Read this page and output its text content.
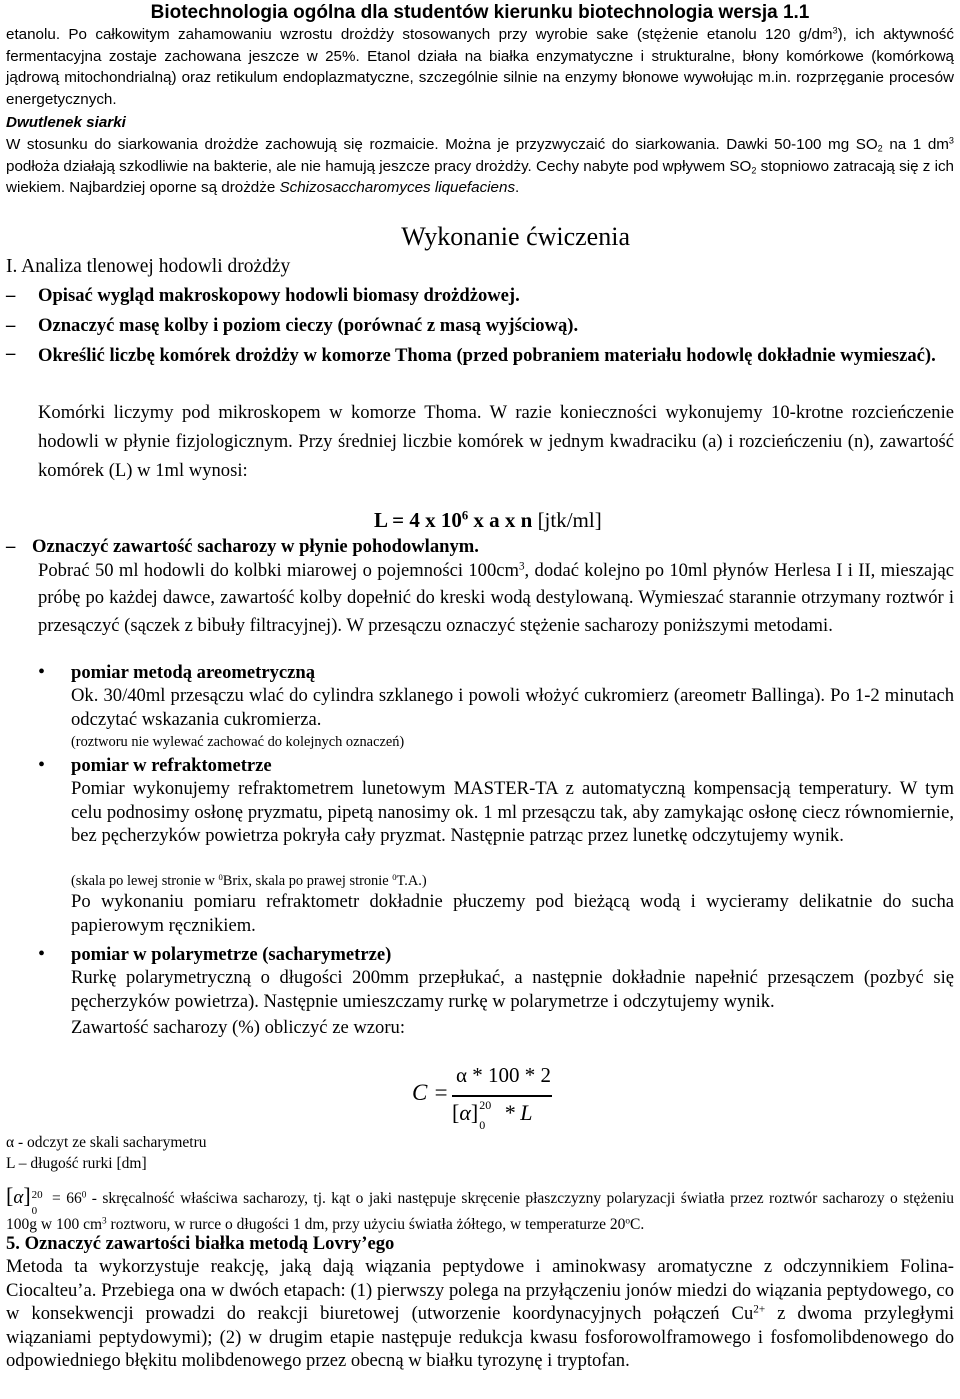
Biotechnologia ogólna dla studentów kierunku biotechnologia wersja 1.1
etanolu. Po całkowitym zahamowaniu wzrostu drożdży stosowanych przy wyrobie sake (stężenie etanolu 120 $g/dm^3$), ich aktywność fermentacyjna zostaje zachowana jeszcze w 25%. Etanol działa na białka enzymatyczne i strukturalne, błony komórkowe (komórkową jądrową mitochondrialną) oraz retikulum endoplazmatyczne, szczególnie silnie na enzymy błonowe wywołując m.in. rozprzęganie procesów energetycznych.
Dwutlenek siarki
W stosunku do siarkowania drożdże zachowują się rozmaicie. Można je przyzwyczaić do siarkowania. Dawki 50-100 mg $SO_2$ na 1 $dm^3$ podłoża działają szkodliwie na bakterie, ale nie hamują jeszcze pracy drożdży. Cechy nabyte pod wpływem $SO_2$ stopniowo zatracają się z ich wiekiem. Najbardziej oporne są drożdże Schizosaccharomyces liquefaciens.
Wykonanie ćwiczenia
I. Analiza tlenowej hodowli drożdży
– Opisać wygląd makroskopowy hodowli biomasy drożdżowej.
– Oznaczyć masę kolby i poziom cieczy (porównać z masą wyjściową).
– Określić liczbę komórek drożdży w komorze Thoma (przed pobraniem materiału hodowlę dokładnie wymieszać).
Komórki liczymy pod mikroskopem w komorze Thoma. W razie konieczności wykonujemy 10-krotne rozcieńczenie hodowli w płynie fizjologicznym. Przy średniej liczbie komórek w jednym kwadraciku (a) i rozcieńczeniu (n), zawartość komórek (L) w 1ml wynosi:
L = 4 x $10^6$ x a x n [jtk/ml]
– Oznaczyć zawartość sacharozy w płynie pohodowlanym.
Pobrać 50 ml hodowli do kolbki miarowej o pojemności $100cm^3$, dodać kolejno po 10ml płynów Herlesa I i II, mieszając próbę po każdej dawce, zawartość kolby dopełnić do kreski wodą destylowaną. Wymieszać starannie otrzymany roztwór i przesączyć (sączek z bibuły filtracyjnej). W przesączu oznaczyć stężenie sacharozy poniższymi metodami.
• pomiar metodą areometryczną
Ok. 30/40ml przesączu wlać do cylindra szklanego i powoli włożyć cukromierz (areometr Ballinga). Po 1-2 minutach odczytać wskazania cukromierza.
(roztworu nie wylewać zachować do kolejnych oznaczeń)
• pomiar w refraktometrze
Pomiar wykonujemy refraktometrem lunetowym MASTER-TA z automatyczną kompensacją temperatury. W tym celu podnosimy osłonę pryzmatu, pipetą nanosimy ok. 1 ml przesączu tak, aby zamykając osłonę ciecz równomiernie, bez pęcherzyków powietrza pokryła cały pryzmat. Następnie patrząc przez lunetkę odczytujemy wynik.
(skala po lewej stronie w $^0$Brix, skala po prawej stronie $^0$T.A.)
Po wykonaniu pomiaru refraktometr dokładnie płuczemy pod bieżącą wodą i wycieramy delikatnie do sucha papierowym ręcznikiem.
• pomiar w polarymetrze (sacharymetrze)
Rurkę polarymetryczną o długości 200mm przepłukać, a następnie dokładnie napełnić przesączem (pozbyć się pęcherzyków powietrza). Następnie umieszczamy rurkę w polarymetrze i odczytujemy wynik.
Zawartość sacharozy (%) obliczyć ze wzoru:
C =
α * 100 * 2
[α] 20
0 * L
α - odczyt ze skali sacharymetru
L – długość rurki [dm]
[α] 20
0
= $66^0$ - skręcalność właściwa sacharozy, tj. kąt o jaki następuje skręcenie płaszczyzny polaryzacji światła przez roztwór sacharozy o stężeniu 100g w 100 $cm^3$ roztworu, w rurce o długości 1 dm, przy użyciu światła żółtego, w temperaturze 20$^o$C.
5. Oznaczyć zawartości białka metodą Lovry’ego
Metoda ta wykorzystuje reakcję, jaką dają wiązania peptydowe i aminokwasy aromatyczne z odczynnikiem Folina-Ciocalteu’a. Przebiega ona w dwóch etapach: (1) pierwszy polega na przyłączeniu jonów miedzi do wiązania peptydowego, co w konsekwencji prowadzi do reakcji biuretowej (utworzenie koordynacyjnych połączeń $Cu^{2+}$ z dwoma przyległymi wiązaniami peptydowymi); (2) w drugim etapie następuje redukcja kwasu fosforowolframowego i fosfomolibdenowego do odpowiedniego błękitu molibdenowego przez obecną w białku tyrozynę i tryptofan.
